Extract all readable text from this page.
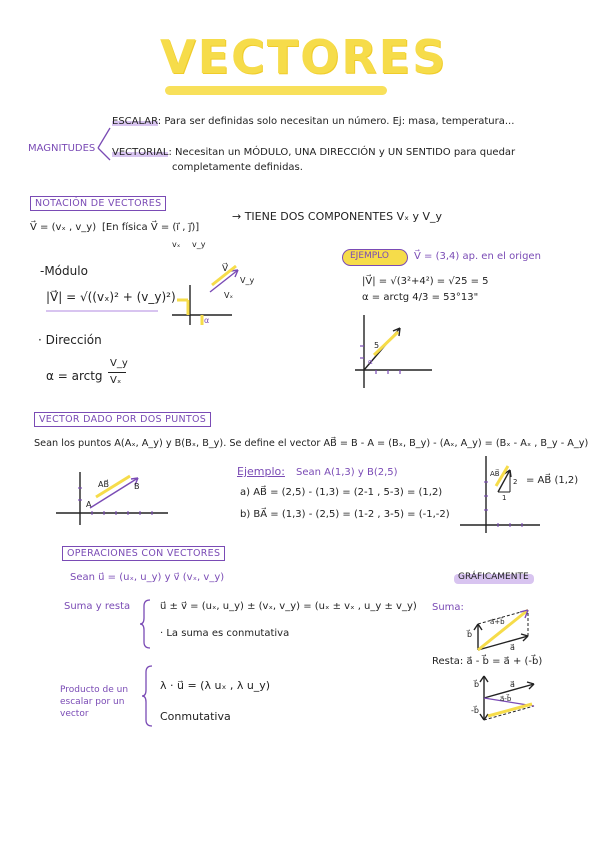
VECTORES
MAGNITUDES
ESCALAR: Para ser definidas solo necesitan un número. Ej: masa, temperatura...
VECTORIAL: Necesitan un MÓDULO, UNA DIRECCIÓN y UN SENTIDO para quedar
completamente definidas.
NOTACIÓN DE VECTORES
V⃗ = (vₓ , v_y) [En física V⃗ = (i⃗ , j⃗)]
vₓ v_y
→ TIENE DOS COMPONENTES Vₓ y V_y
-Módulo
|V⃗| = √((vₓ)² + (v_y)²)
· Dirección
α = arctg
V_y
Vₓ
V⃗
V_y
Vₓ
α
EJEMPLO	V⃗ = (3,4) ap. en el origen
|V⃗| = √(3²+4²) = √25 = 5
α = arctg 4/3 = 53°13"
5
α
VECTOR DADO POR DOS PUNTOS
Sean los puntos A(Aₓ, A_y) y B(Bₓ, B_y). Se define el vector AB⃗ = B - A = (Bₓ, B_y) - (Aₓ, A_y) = (Bₓ - Aₓ , B_y - A_y)
AB⃗
A
B
Ejemplo: Sean A(1,3) y B(2,5)
a) AB⃗ = (2,5) - (1,3) = (2-1 , 5-3) = (1,2)
b) BA⃗ = (1,3) - (2,5) = (1-2 , 3-5) = (-1,-2)
AB⃗
2
1
= AB⃗ (1,2)
OPERACIONES CON VECTORES
Sean u⃗ = (uₓ, u_y) y v⃗ (vₓ, v_y)
Suma y resta	u⃗ ± v⃗ = (uₓ, u_y) ± (vₓ, v_y) = (uₓ ± vₓ , u_y ± v_y)
· La suma es conmutativa
Producto de un
escalar por un
vector
λ · u⃗ = (λ uₓ , λ u_y)
Conmutativa
GRÁFICAMENTE
Suma:
b⃗
a⃗
a⃗+b⃗
Resta: a⃗ - b⃗ = a⃗ + (-b⃗)
b⃗	a⃗
-b⃗
a⃗-b⃗
